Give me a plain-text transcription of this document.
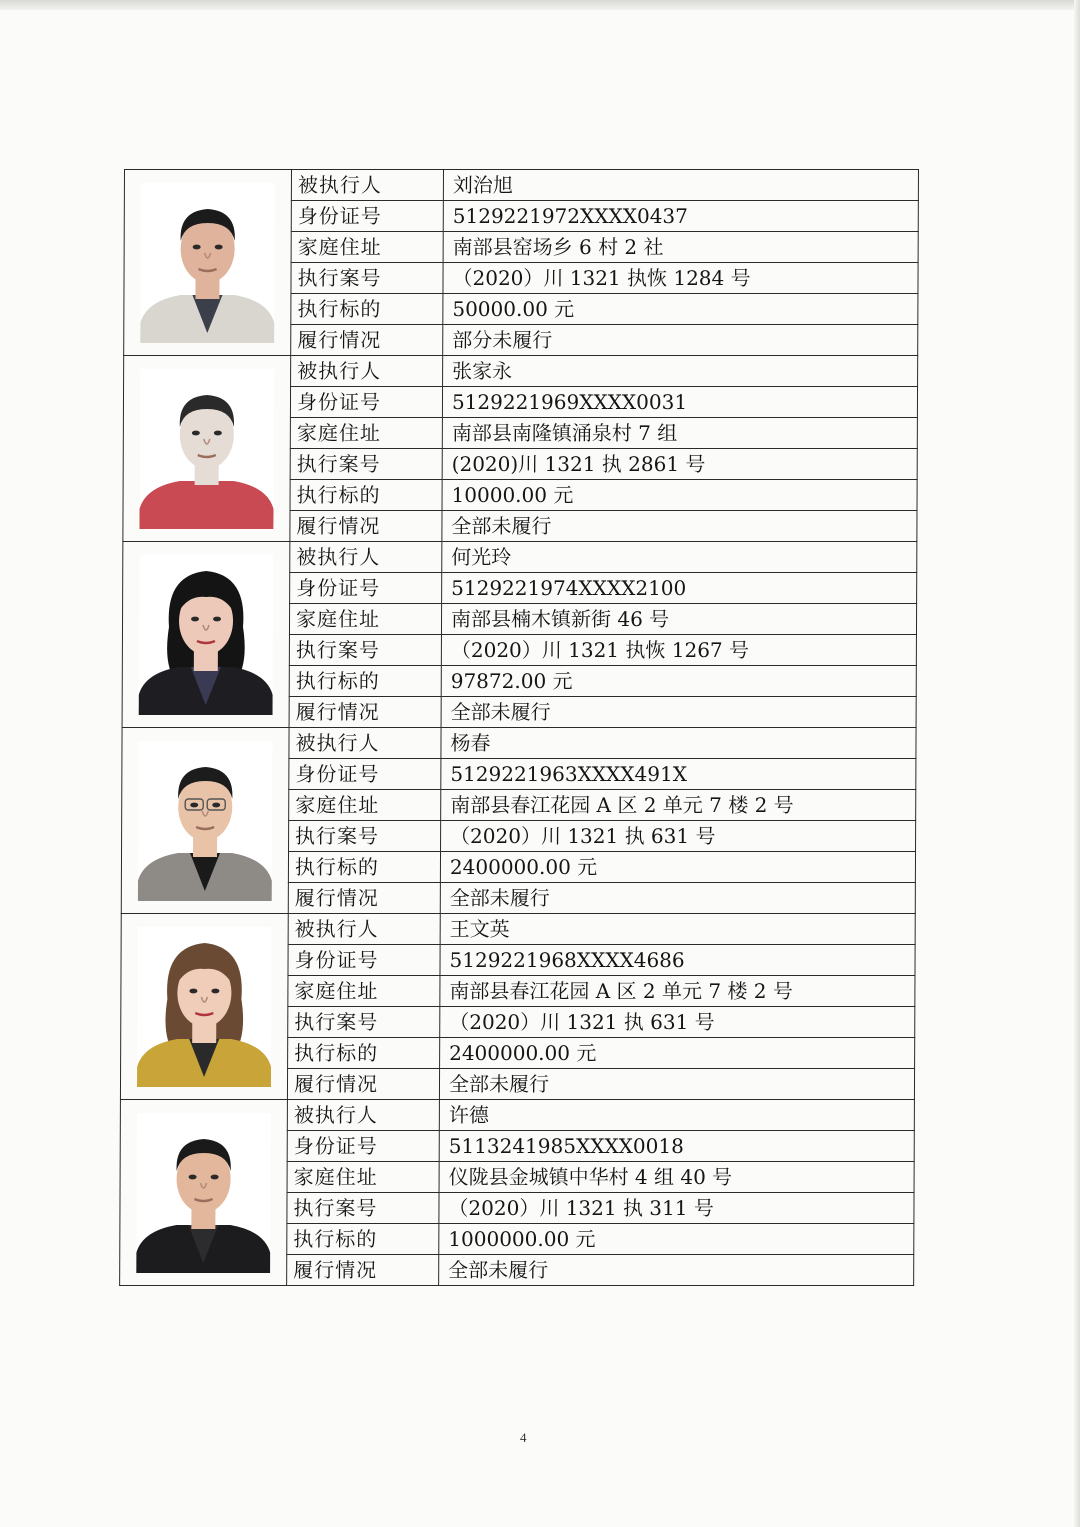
	被执行人	刘治旭
	身份证号	5129221972XXXX0437
	家庭住址	南部县窑场乡 6 村 2 社
	执行案号	（2020）川 1321 执恢 1284 号
	执行标的	50000.00 元
	履行情况	部分未履行

	被执行人	张家永
	身份证号	5129221969XXXX0031
	家庭住址	南部县南隆镇涌泉村 7 组
	执行案号	(2020)川 1321 执 2861 号
	执行标的	10000.00 元
	履行情况	全部未履行

	被执行人	何光玲
	身份证号	5129221974XXXX2100
	家庭住址	南部县楠木镇新街 46 号
	执行案号	（2020）川 1321 执恢 1267 号
	执行标的	97872.00 元
	履行情况	全部未履行

	被执行人	杨春
	身份证号	5129221963XXXX491X
	家庭住址	南部县春江花园 A 区 2 单元 7 楼 2 号
	执行案号	（2020）川 1321 执 631 号
	执行标的	2400000.00 元
	履行情况	全部未履行

	被执行人	王文英
	身份证号	5129221968XXXX4686
	家庭住址	南部县春江花园 A 区 2 单元 7 楼 2 号
	执行案号	（2020）川 1321 执 631 号
	执行标的	2400000.00 元
	履行情况	全部未履行

	被执行人	许德
	身份证号	5113241985XXXX0018
	家庭住址	仪陇县金城镇中华村 4 组 40 号
	执行案号	（2020）川 1321 执 311 号
	执行标的	1000000.00 元
	履行情况	全部未履行
4
